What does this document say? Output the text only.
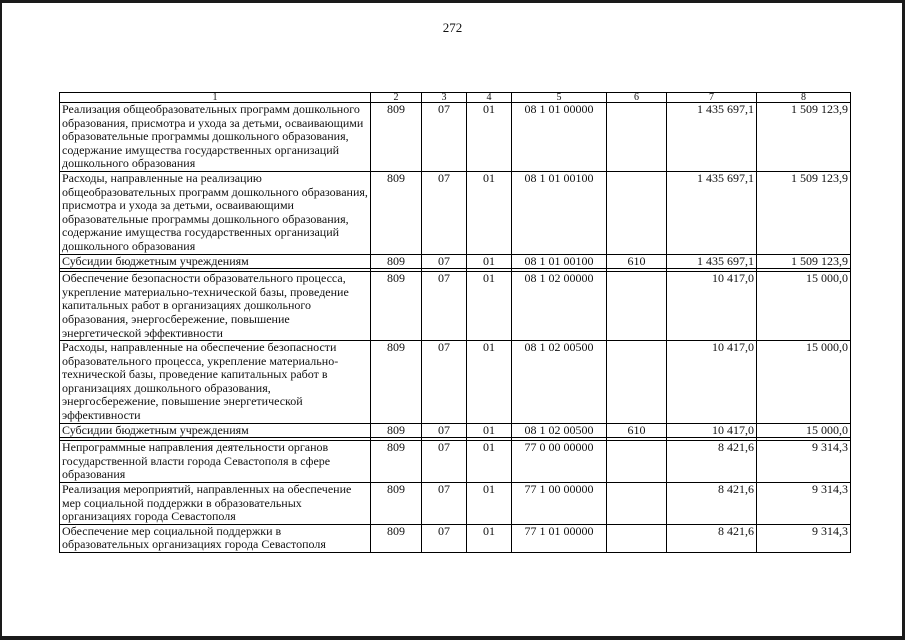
272
1	2	3	4	5	6	7	8
Реализация общеобразовательных программ дошкольного образования, присмотра и ухода за детьми, осваивающими образовательные программы дошкольного образования, содержание имущества государственных организаций дошкольного образования	809	07	01	08 1 01 00000		1 435 697,1	1 509 123,9
Расходы, направленные на реализацию общеобразовательных программ дошкольного образования, присмотра и ухода за детьми, осваивающими образовательные программы дошкольного образования, содержание имущества государственных организаций дошкольного образования	809	07	01	08 1 01 00100		1 435 697,1	1 509 123,9
Субсидии бюджетным учреждениям	809	07	01	08 1 01 00100	610	1 435 697,1	1 509 123,9

Обеспечение безопасности образовательного процесса, укрепление материально-технической базы, проведение капитальных работ в организациях дошкольного образования, энергосбережение, повышение энергетической эффективности	809	07	01	08 1 02 00000		10 417,0	15 000,0
Расходы, направленные на обеспечение безопасности образовательного процесса, укрепление материально-технической базы, проведение капитальных работ в организациях дошкольного образования, энергосбережение, повышение энергетической эффективности	809	07	01	08 1 02 00500		10 417,0	15 000,0
Субсидии бюджетным учреждениям	809	07	01	08 1 02 00500	610	10 417,0	15 000,0

Непрограммные направления деятельности органов государственной власти города Севастополя в сфере образования	809	07	01	77 0 00 00000		8 421,6	9 314,3
Реализация мероприятий, направленных на обеспечение мер социальной поддержки в образовательных организациях города Севастополя	809	07	01	77 1 00 00000		8 421,6	9 314,3
Обеспечение мер социальной поддержки в образовательных организациях города Севастополя	809	07	01	77 1 01 00000		8 421,6	9 314,3
